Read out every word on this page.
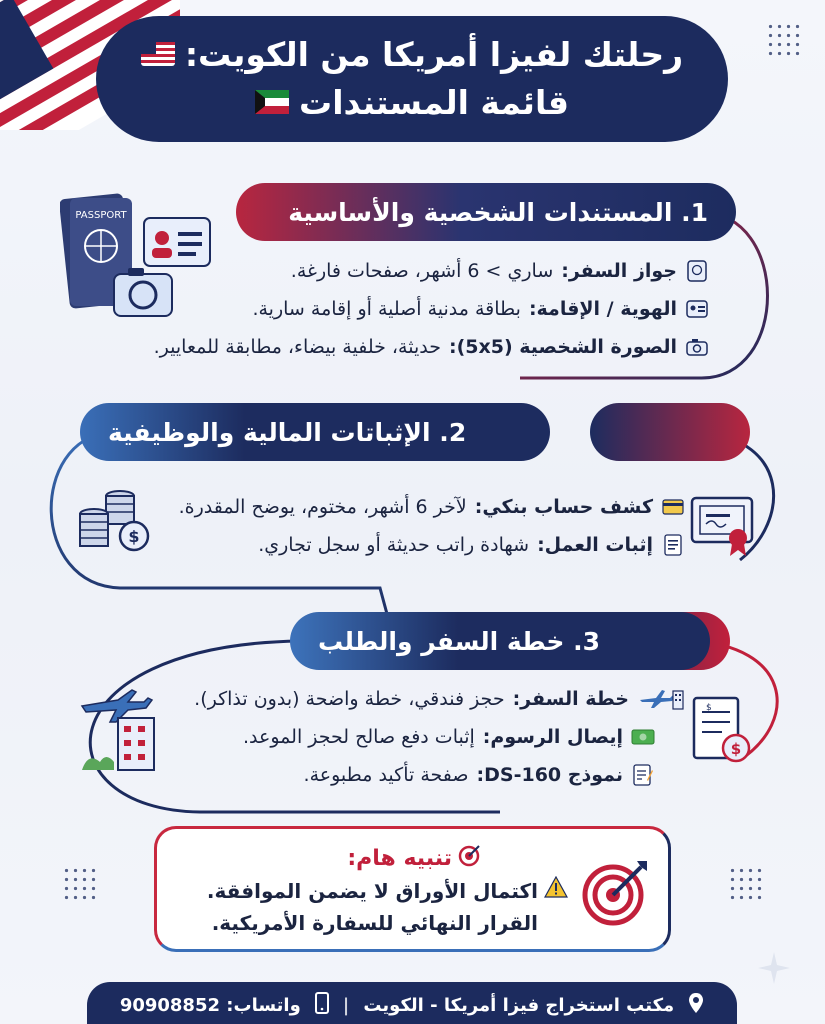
رحلتك لفيزا أمريكا من الكويت:
قائمة المستندات
1. المستندات الشخصية والأساسية
PASSPORT
جواز السفر:
ساري > 6 أشهر، صفحات فارغة.
الهوية / الإقامة:
بطاقة مدنية أصلية أو إقامة سارية.
الصورة الشخصية (5x5):
حديثة، خلفية بيضاء، مطابقة للمعايير.
2. الإثباتات المالية والوظيفية
$
كشف حساب بنكي:
لآخر 6 أشهر، مختوم، يوضح المقدرة.
إثبات العمل:
شهادة راتب حديثة أو سجل تجاري.
3. خطة السفر والطلب
$
$
خطة السفر:
حجز فندقي، خطة واضحة (بدون تذاكر).
إيصال الرسوم:
إثبات دفع صالح لحجز الموعد.
نموذج DS-160:
صفحة تأكيد مطبوعة.
تنبيه هام:
اكتمال الأوراق لا يضمن الموافقة.
القرار النهائي للسفارة الأمريكية.
مكتب استخراج فيزا أمريكا - الكويت
|
واتساب: 90908852
